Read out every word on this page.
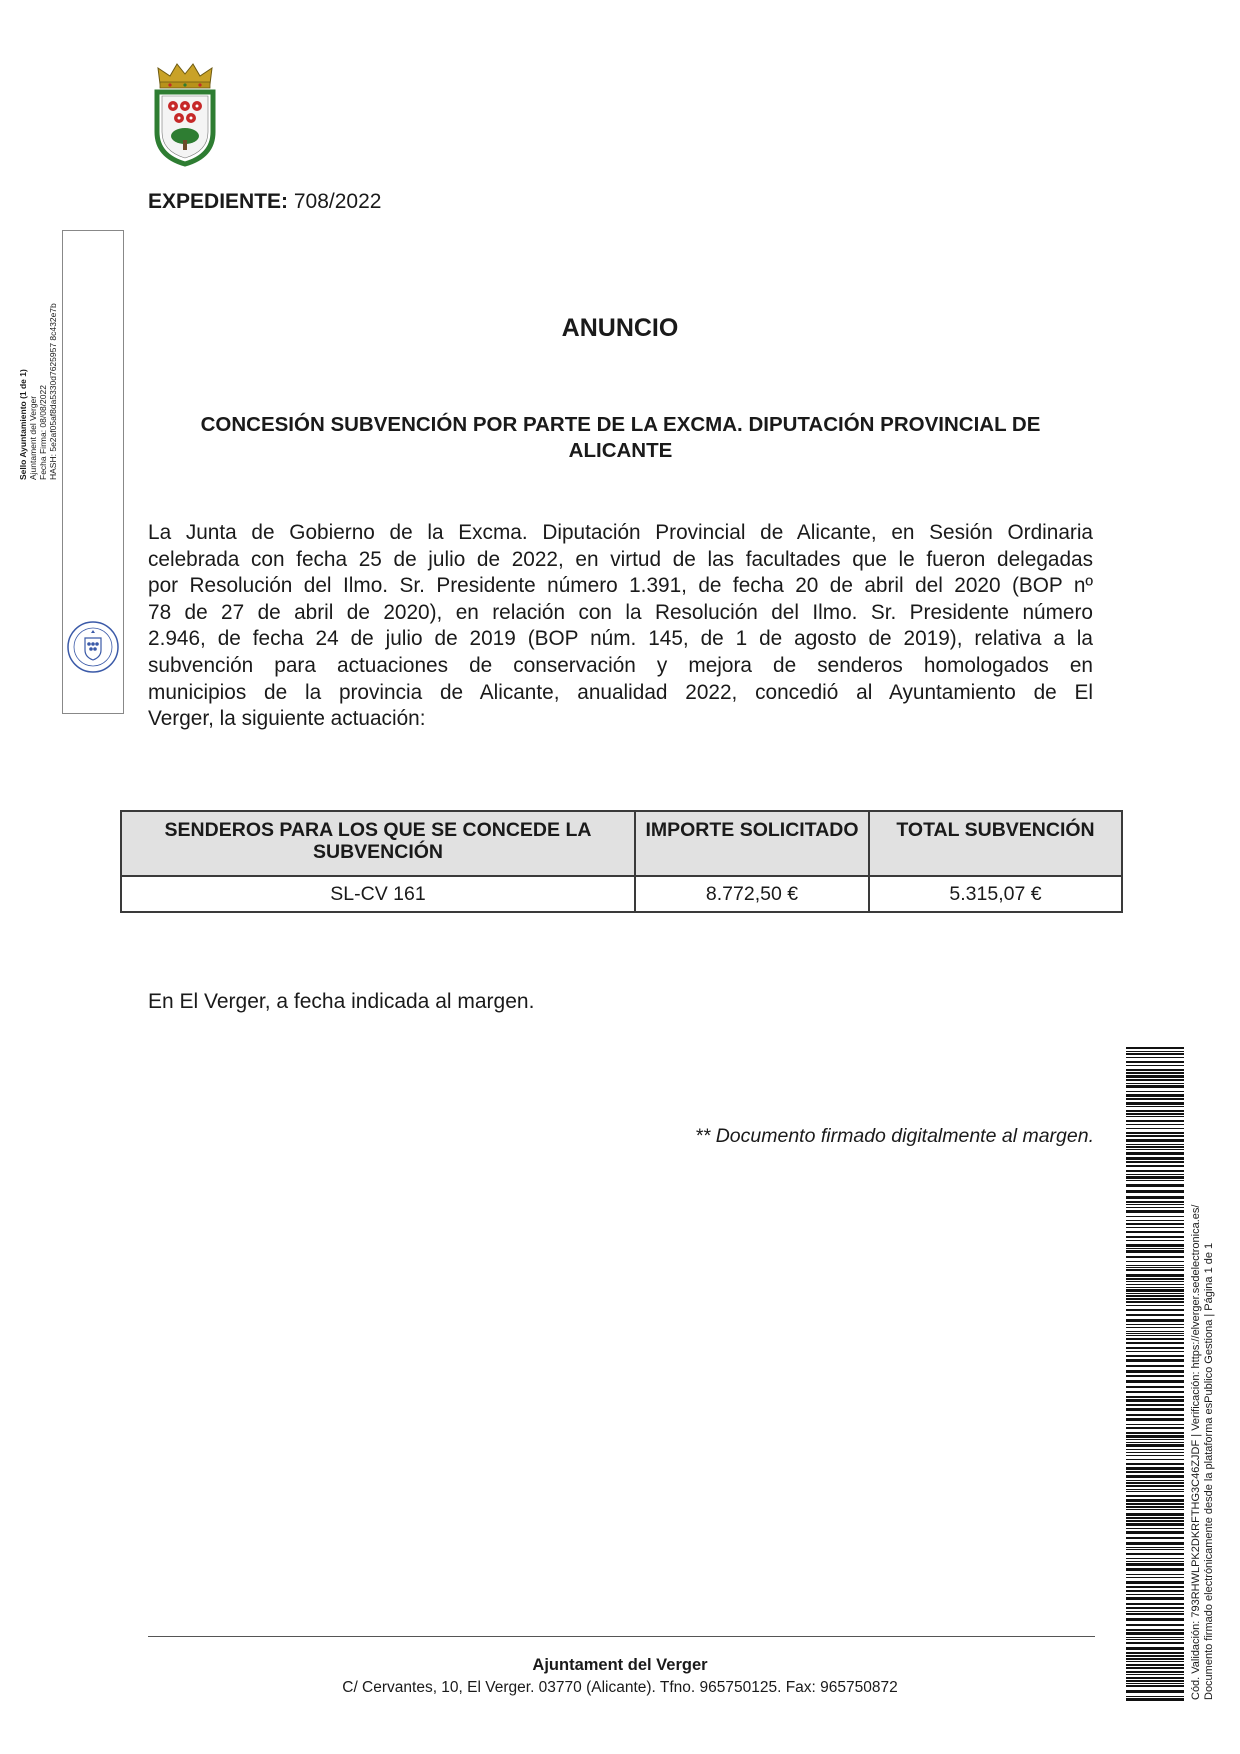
EXPEDIENTE: 708/2022
ANUNCIO
CONCESIÓN SUBVENCIÓN POR PARTE DE LA EXCMA. DIPUTACIÓN PROVINCIAL DE
ALICANTE
La Junta de Gobierno de la Excma. Diputación Provincial de Alicante, en Sesión Ordinaria
celebrada con fecha 25 de julio de 2022, en virtud de las facultades que le fueron delegadas
por Resolución del Ilmo. Sr. Presidente número 1.391, de fecha 20 de abril del 2020 (BOP nº
78 de 27 de abril de 2020), en relación con la Resolución del Ilmo. Sr. Presidente número
2.946, de fecha 24 de julio de 2019 (BOP núm. 145, de 1 de agosto de 2019), relativa a la
subvención para actuaciones de conservación y mejora de senderos homologados en
municipios de la provincia de Alicante, anualidad 2022, concedió al Ayuntamiento de El
Verger, la siguiente actuación:
SENDEROS PARA LOS QUE SE CONCEDE LA SUBVENCIÓN	IMPORTE SOLICITADO	TOTAL SUBVENCIÓN
SL-CV 161	8.772,50 €	5.315,07 €
En El Verger, a fecha indicada al margen.
** Documento firmado digitalmente al margen.
Ajuntament del Verger
C/ Cervantes, 10, El Verger. 03770 (Alicante). Tfno. 965750125. Fax: 965750872
Sello Ayuntamiento (1 de 1) Ajuntament del Verger Fecha Firma: 08/08/2022 HASH: 5e2af05af8da5330d7625957 8c432e7b
Cód. Validación: 793RHWLPK2DKRFTHG3C46ZJDF | Verificación: https://elverger.sedelectronica.es/ Documento firmado electrónicamente desde la plataforma esPublico Gestiona | Página 1 de 1
